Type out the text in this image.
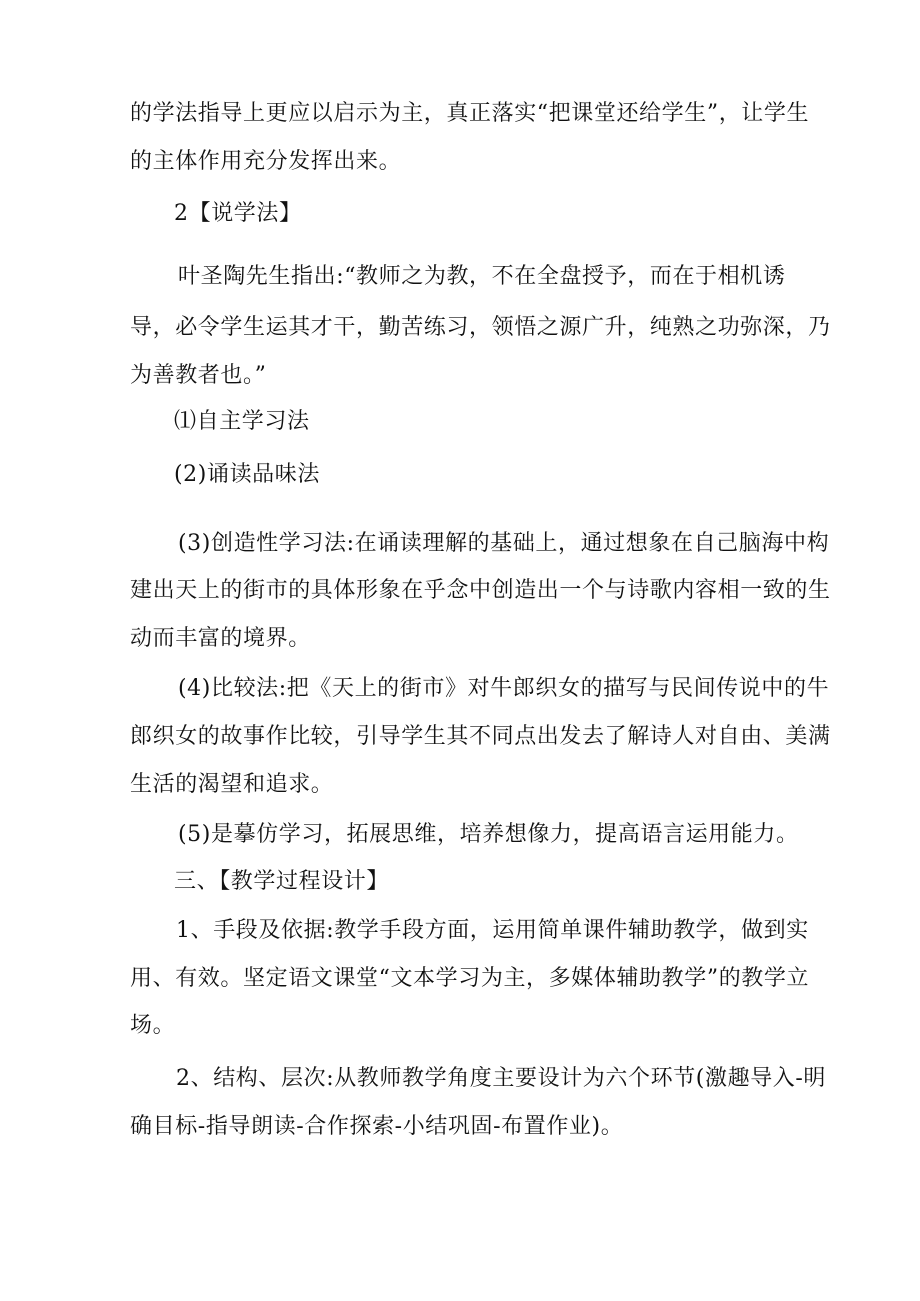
的学法指导上更应以启示为主，真正落实“把课堂还给学生”，让学生
的主体作用充分发挥出来。
2【说学法】
叶圣陶先生指出:“教师之为教，不在全盘授予，而在于相机诱
导，必令学生运其才干，勤苦练习，领悟之源广升，纯熟之功弥深，乃
为善教者也。”
⑴自主学习法
(2)诵读品味法
(3)创造性学习法:在诵读理解的基础上，通过想象在自己脑海中构
建出天上的街市的具体形象在乎念中创造出一个与诗歌内容相一致的生
动而丰富的境界。
(4)比较法:把《天上的街市》对牛郎织女的描写与民间传说中的牛
郎织女的故事作比较，引导学生其不同点出发去了解诗人对自由、美满
生活的渴望和追求。
(5)是摹仿学习，拓展思维，培养想像力，提高语言运用能力。
三、【教学过程设计】
1、手段及依据:教学手段方面，运用简单课件辅助教学，做到实
用、有效。坚定语文课堂“文本学习为主，多媒体辅助教学”的教学立
场。
2、结构、层次:从教师教学角度主要设计为六个环节(激趣导入-明
确目标-指导朗读-合作探索-小结巩固-布置作业)。
